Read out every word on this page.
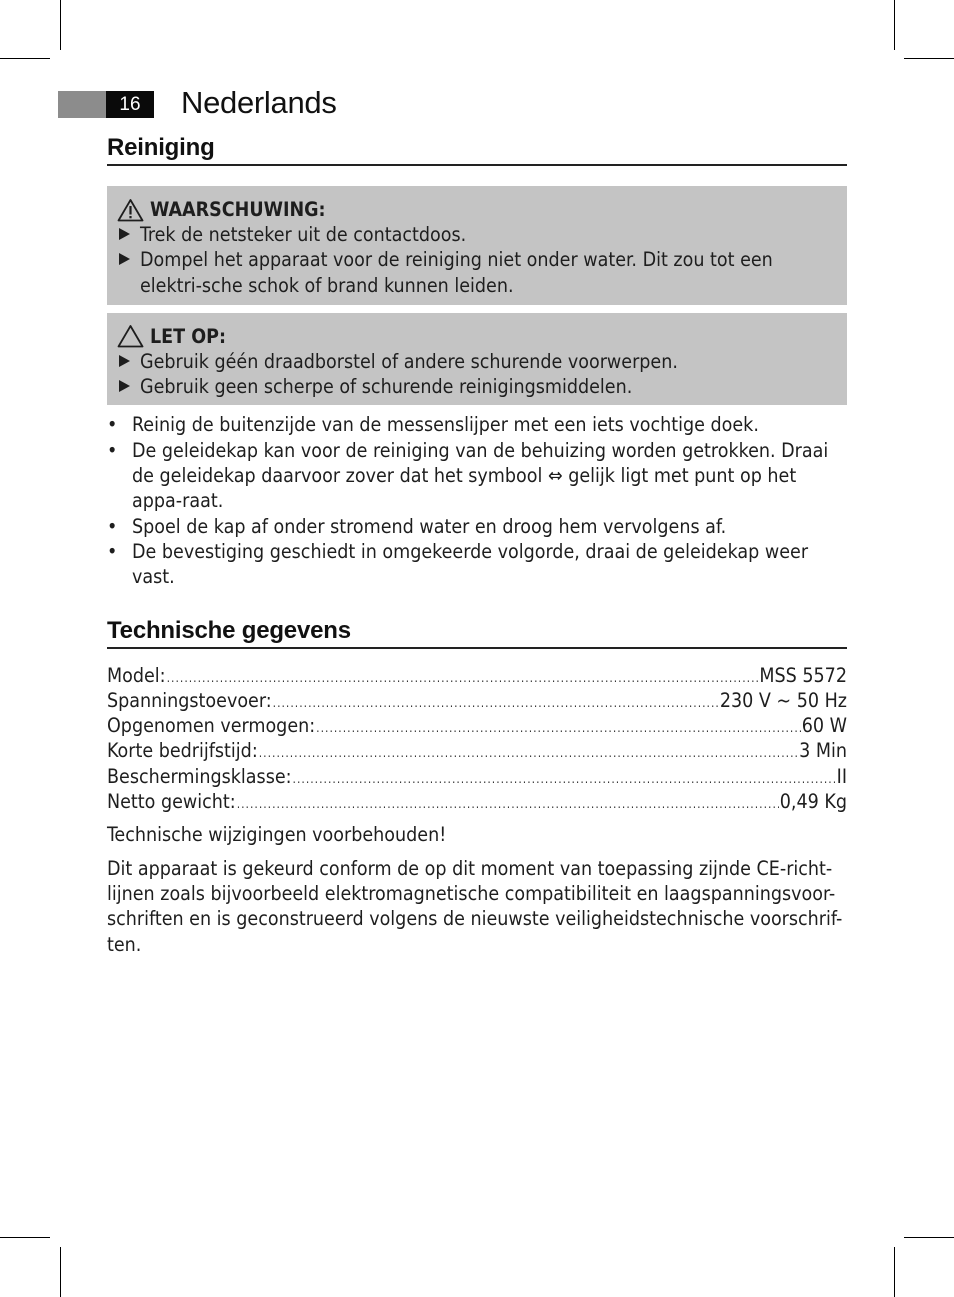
16	Nederlands
Reiniging
WAARSCHUWING:
Trek de netsteker uit de contactdoos.
Dompel het apparaat voor de reiniging niet onder water. Dit zou tot een elektri-sche schok of brand kunnen leiden.
LET OP:
Gebruik géén draadborstel of andere schurende voorwerpen.
Gebruik geen scherpe of schurende reinigingsmiddelen.
• Reinig de buitenzijde van de messenslijper met een iets vochtige doek.
• De geleidekap kan voor de reiniging van de behuizing worden getrokken. Draai de geleidekap daarvoor zover dat het symbool ⇔ gelijk ligt met punt op het appa-raat.
• Spoel de kap af onder stromend water en droog hem vervolgens af.
• De bevestiging geschiedt in omgekeerde volgorde, draai de geleidekap weer vast.
Technische gegevens
Model: .....	MSS 5572
Spanningstoevoer: .....	230 V ~ 50 Hz
Opgenomen vermogen: .....	60 W
Korte bedrijfstijd: .....	3 Min
Beschermingsklasse: .....	II
Netto gewicht: .....	0,49 Kg

Technische wijzigingen voorbehouden!

Dit apparaat is gekeurd conform de op dit moment van toepassing zijnde CE-richt-lijnen zoals bijvoorbeeld elektromagnetische compatibiliteit en laagspanningsvoor-schriften en is geconstrueerd volgens de nieuwste veiligheidstechnische voorschrif-ten.
